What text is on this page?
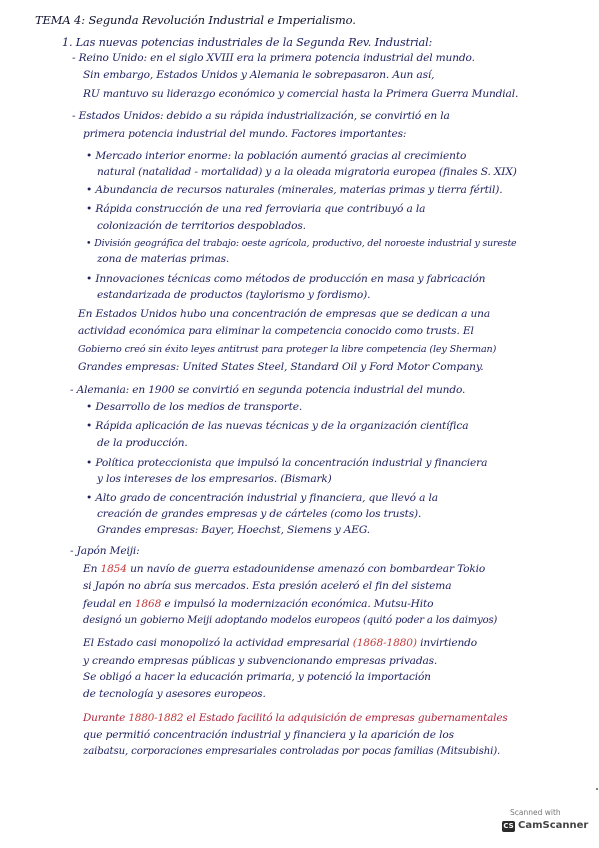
TEMA 4: Segunda Revolución Industrial e Imperialismo.
1. Las nuevas potencias industriales de la Segunda Rev. Industrial:
- Reino Unido: en el siglo XVIII era la primera potencia industrial del mundo.
Sin embargo, Estados Unidos y Alemania le sobrepasaron. Aun así,
RU mantuvo su liderazgo económico y comercial hasta la Primera Guerra Mundial.
- Estados Unidos: debido a su rápida industrialización, se convirtió en la
primera potencia industrial del mundo. Factores importantes:
• Mercado interior enorme: la población aumentó gracias al crecimiento
natural (natalidad - mortalidad) y a la oleada migratoria europea (finales S. XIX)
• Abundancia de recursos naturales (minerales, materias primas y tierra fértil).
• Rápida construcción de una red ferroviaria que contribuyó a la
colonización de territorios despoblados.
• División geográfica del trabajo: oeste agrícola, productivo, del noroeste industrial y sureste
zona de materias primas.
• Innovaciones técnicas como métodos de producción en masa y fabricación
estandarizada de productos (taylorismo y fordismo).
En Estados Unidos hubo una concentración de empresas que se dedican a una
actividad económica para eliminar la competencia conocido como trusts. El
Gobierno creó sin éxito leyes antitrust para proteger la libre competencia (ley Sherman)
Grandes empresas: United States Steel, Standard Oil y Ford Motor Company.
- Alemania: en 1900 se convirtió en segunda potencia industrial del mundo.
• Desarrollo de los medios de transporte.
• Rápida aplicación de las nuevas técnicas y de la organización científica
de la producción.
• Política proteccionista que impulsó la concentración industrial y financiera
y los intereses de los empresarios. (Bismark)
• Alto grado de concentración industrial y financiera, que llevó a la
creación de grandes empresas y de cárteles (como los trusts).
Grandes empresas: Bayer, Hoechst, Siemens y AEG.
- Japón Meiji:
En 1854 un navío de guerra estadounidense amenazó con bombardear Tokio
si Japón no abría sus mercados. Esta presión aceleró el fin del sistema
feudal en 1868 e impulsó la modernización económica. Mutsu-Hito
designó un gobierno Meiji adoptando modelos europeos (quitó poder a los daimyos)
El Estado casi monopolizó la actividad empresarial (1868-1880) invirtiendo
y creando empresas públicas y subvencionando empresas privadas.
Se obligó a hacer la educación primaria, y potenció la importación
de tecnología y asesores europeos.
Durante 1880-1882 el Estado facilitó la adquisición de empresas gubernamentales
que permitió concentración industrial y financiera y la aparición de los
zaibatsu, corporaciones empresariales controladas por pocas familias (Mitsubishi).
Scanned with
CS CamScanner
